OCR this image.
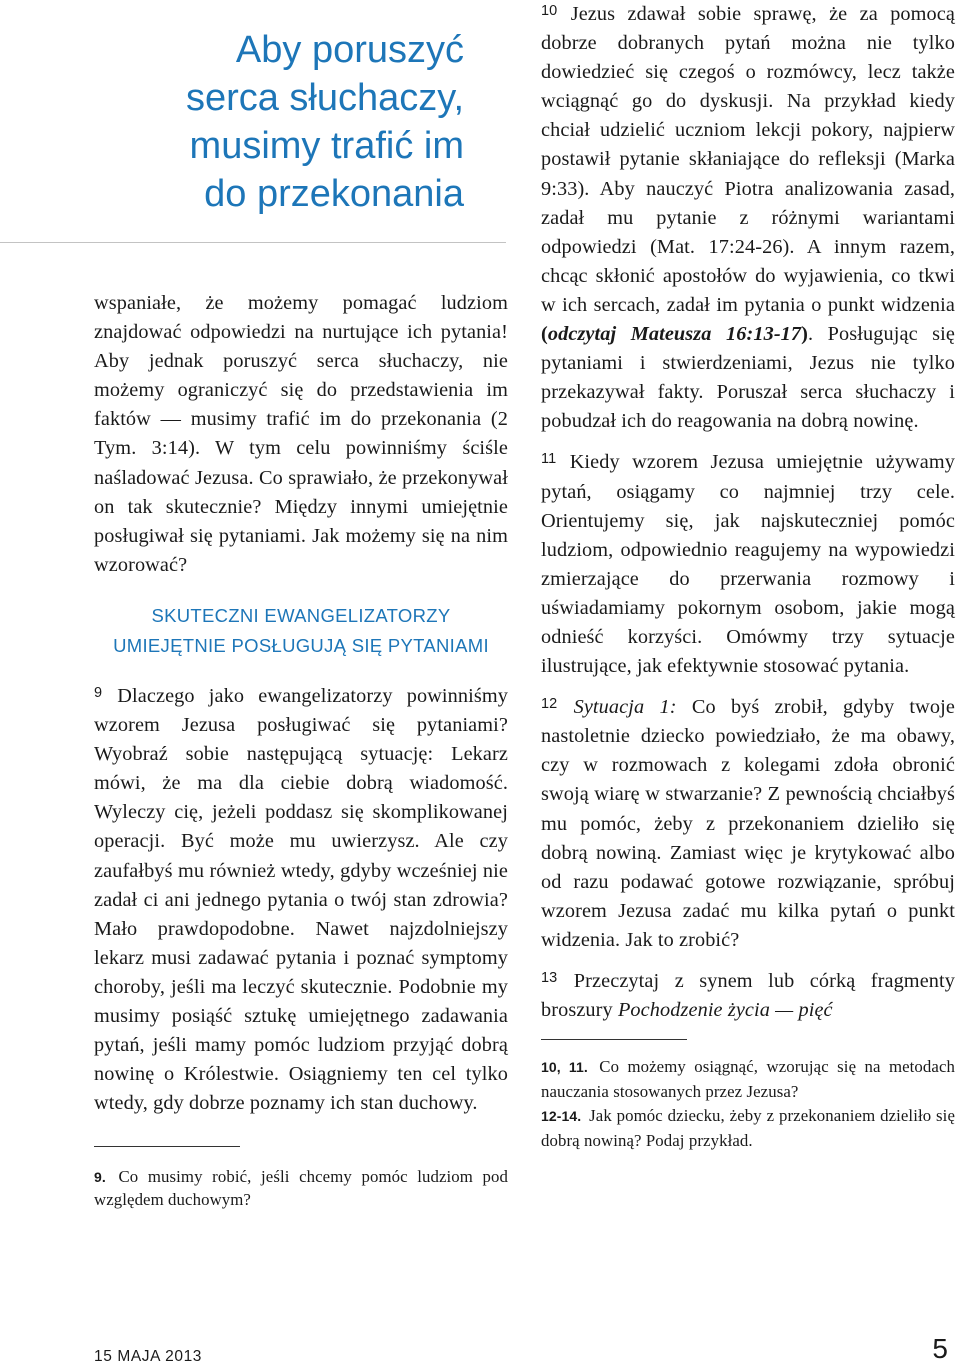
Aby poruszyć
serca słuchaczy,
musimy trafić im
do przekonania

wspaniałe, że możemy pomagać ludziom znajdować odpowiedzi na nurtujące ich pytania! Aby jednak poruszyć serca słuchaczy, nie możemy ograniczyć się do przedstawienia im faktów — musimy trafić im do przekonania (2 Tym. 3:14). W tym celu powinniśmy ściśle naśladować Jezusa. Co sprawiało, że przekonywał on tak skutecznie? Między innymi umiejętnie posługiwał się pytaniami. Jak możemy się na nim wzorować?

SKUTECZNI EWANGELIZATORZY
UMIEJĘTNIE POSŁUGUJĄ SIĘ PYTANIAMI

$^9$ Dlaczego jako ewangelizatorzy powinniśmy wzorem Jezusa posługiwać się pytaniami? Wyobraź sobie następującą sytuację: Lekarz mówi, że ma dla ciebie dobrą wiadomość. Wyleczy cię, jeżeli poddasz się skomplikowanej operacji. Być może mu uwierzysz. Ale czy zaufałbyś mu również wtedy, gdyby wcześniej nie zadał ci ani jednego pytania o twój stan zdrowia? Mało prawdopodobne. Nawet najzdolniejszy lekarz musi zadawać pytania i poznać symptomy choroby, jeśli ma leczyć skutecznie. Podobnie my musimy posiąść sztukę umiejętnego zadawania pytań, jeśli mamy pomóc ludziom przyjąć dobrą nowinę o Królestwie. Osiągniemy ten cel tylko wtedy, gdy dobrze poznamy ich stan duchowy.

9. Co musimy robić, jeśli chcemy pomóc ludziom pod względem duchowym?

$^{10}$ Jezus zdawał sobie sprawę, że za pomocą dobrze dobranych pytań można nie tylko dowiedzieć się czegoś o rozmówcy, lecz także wciągnąć go do dyskusji. Na przykład kiedy chciał udzielić uczniom lekcji pokory, najpierw postawił pytanie skłaniające do refleksji (Marka 9:33). Aby nauczyć Piotra analizowania zasad, zadał mu pytanie z różnymi wariantami odpowiedzi (Mat. 17:24-26). A innym razem, chcąc skłonić apostołów do wyjawienia, co tkwi w ich sercach, zadał im pytania o punkt widzenia (odczytaj Mateusza 16:13-17). Posługując się pytaniami i stwierdzeniami, Jezus nie tylko przekazywał fakty. Poruszał serca słuchaczy i pobudzał ich do reagowania na dobrą nowinę.

$^{11}$ Kiedy wzorem Jezusa umiejętnie używamy pytań, osiągamy co najmniej trzy cele. Orientujemy się, jak najskuteczniej pomóc ludziom, odpowiednio reagujemy na wypowiedzi zmierzające do przerwania rozmowy i uświadamiamy pokornym osobom, jakie mogą odnieść korzyści. Omówmy trzy sytuacje ilustrujące, jak efektywnie stosować pytania.

$^{12}$ Sytuacja 1: Co byś zrobił, gdyby twoje nastoletnie dziecko powiedziało, że ma obawy, czy w rozmowach z kolegami zdoła obronić swoją wiarę w stwarzanie? Z pewnością chciałbyś mu pomóc, żeby z przekonaniem dzieliło się dobrą nowiną. Zamiast więc je krytykować albo od razu podawać gotowe rozwiązanie, spróbuj wzorem Jezusa zadać mu kilka pytań o punkt widzenia. Jak to zrobić?

$^{13}$ Przeczytaj z synem lub córką fragmenty broszury Pochodzenie życia — pięć

10, 11. Co możemy osiągnąć, wzorując się na metodach nauczania stosowanych przez Jezusa?

12-14. Jak pomóc dziecku, żeby z przekonaniem dzieliło się dobrą nowiną? Podaj przykład.

15 MAJA 2013	5
